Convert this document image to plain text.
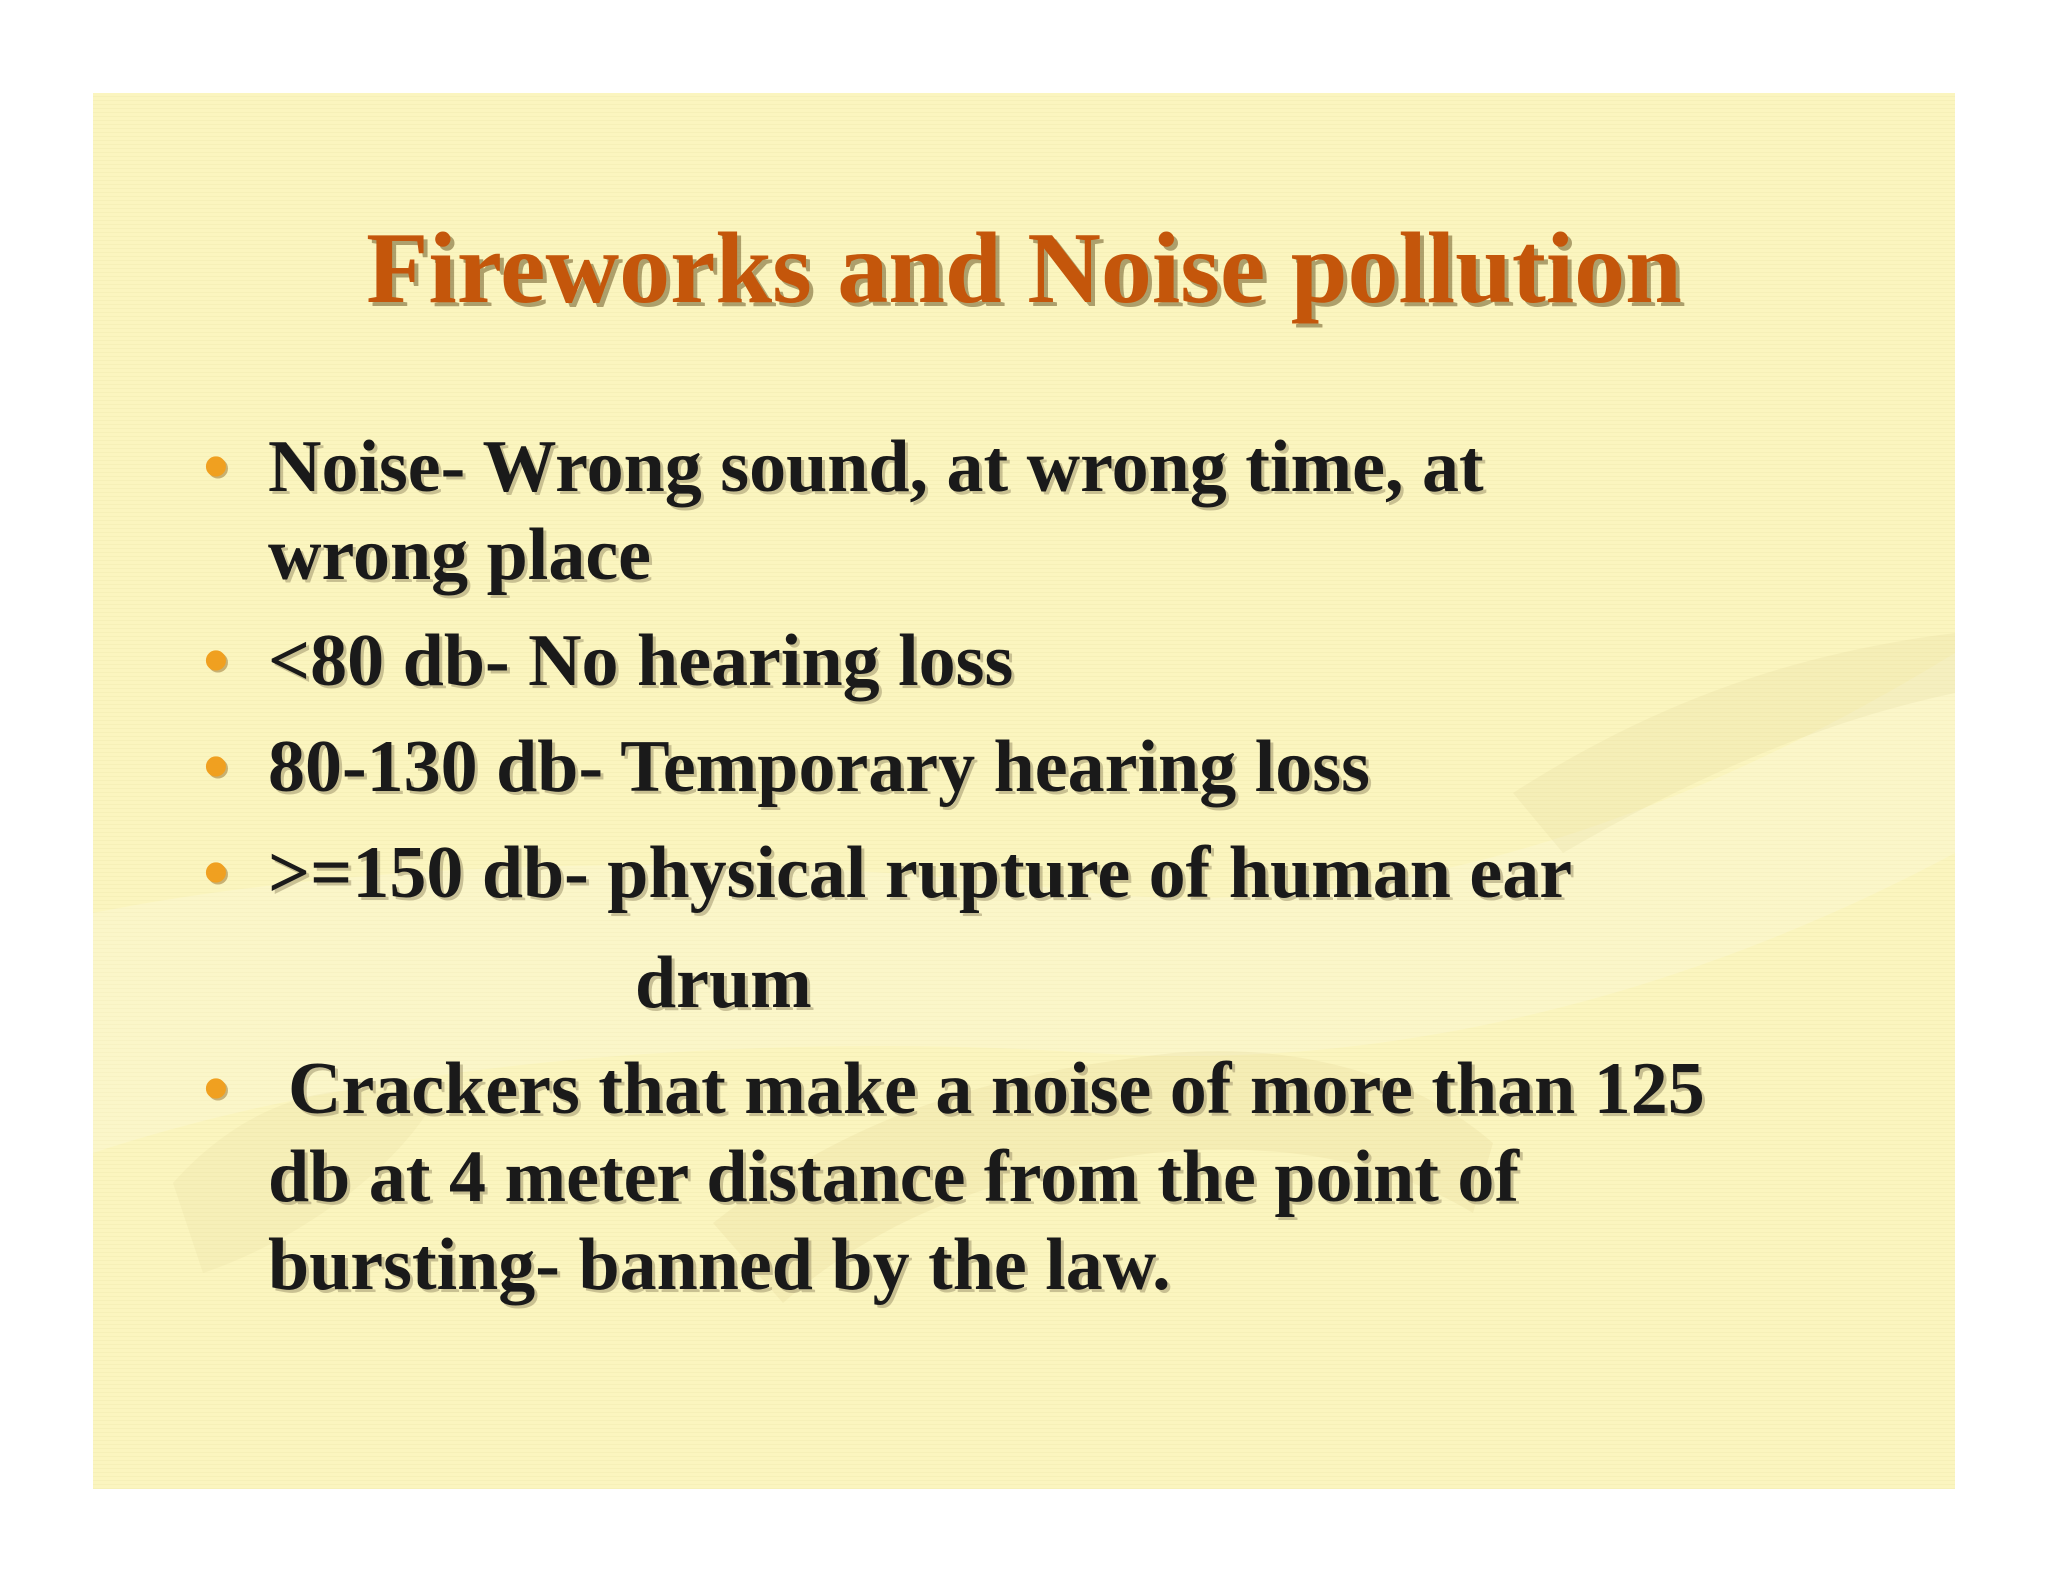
Fireworks and Noise pollution
• Noise- Wrong sound, at wrong time, at
wrong place
• <80 db- No hearing loss
• 80-130 db- Temporary hearing loss
• >=150 db- physical rupture of human ear
drum
• Crackers that make a noise of more than 125
db at 4 meter distance from the point of
bursting- banned by the law.
